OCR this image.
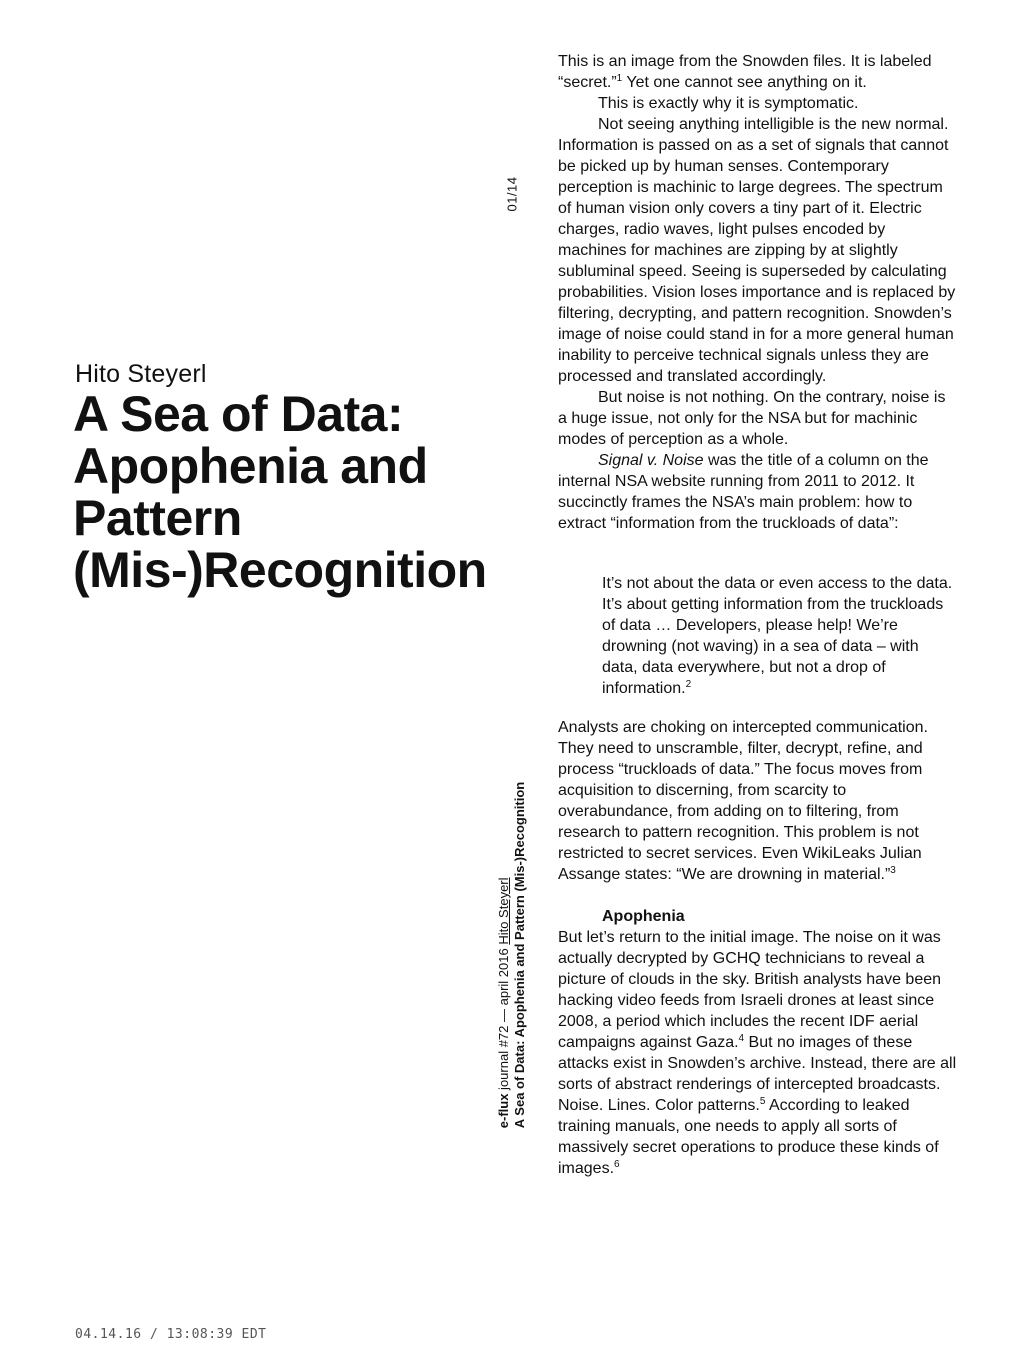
Hito Steyerl
A Sea of Data: Apophenia and Pattern (Mis-)Recognition
01/14
e-flux journal #72 — april 2016 Hito Steyerl A Sea of Data: Apophenia and Pattern (Mis-)Recognition

This is an image from the Snowden files. It is labeled “secret.”$^1$ Yet one cannot see anything on it.

This is exactly why it is symptomatic.

Not seeing anything intelligible is the new normal. Information is passed on as a set of signals that cannot be picked up by human senses. Contemporary perception is machinic to large degrees. The spectrum of human vision only covers a tiny part of it. Electric charges, radio waves, light pulses encoded by machines for machines are zipping by at slightly subluminal speed. Seeing is superseded by calculating probabilities. Vision loses importance and is replaced by filtering, decrypting, and pattern recognition. Snowden’s image of noise could stand in for a more general human inability to perceive technical signals unless they are processed and translated accordingly.

But noise is not nothing. On the contrary, noise is a huge issue, not only for the NSA but for machinic modes of perception as a whole.

Signal v. Noise was the title of a column on the internal NSA website running from 2011 to 2012. It succinctly frames the NSA’s main problem: how to extract “information from the truckloads of data”:

It’s not about the data or even access to the data. It’s about getting information from the truckloads of data … Developers, please help! We’re drowning (not waving) in a sea of data – with data, data everywhere, but not a drop of information.$^2$

Analysts are choking on intercepted communication. They need to unscramble, filter, decrypt, refine, and process “truckloads of data.” The focus moves from acquisition to discerning, from scarcity to overabundance, from adding on to filtering, from research to pattern recognition. This problem is not restricted to secret services. Even WikiLeaks Julian Assange states: “We are drowning in material.”$^3$

Apophenia

But let’s return to the initial image. The noise on it was actually decrypted by GCHQ technicians to reveal a picture of clouds in the sky. British analysts have been hacking video feeds from Israeli drones at least since 2008, a period which includes the recent IDF aerial campaigns against Gaza.$^4$ But no images of these attacks exist in Snowden’s archive. Instead, there are all sorts of abstract renderings of intercepted broadcasts. Noise. Lines. Color patterns.$^5$ According to leaked training manuals, one needs to apply all sorts of massively secret operations to produce these kinds of images.$^6$

04.14.16 / 13:08:39 EDT
